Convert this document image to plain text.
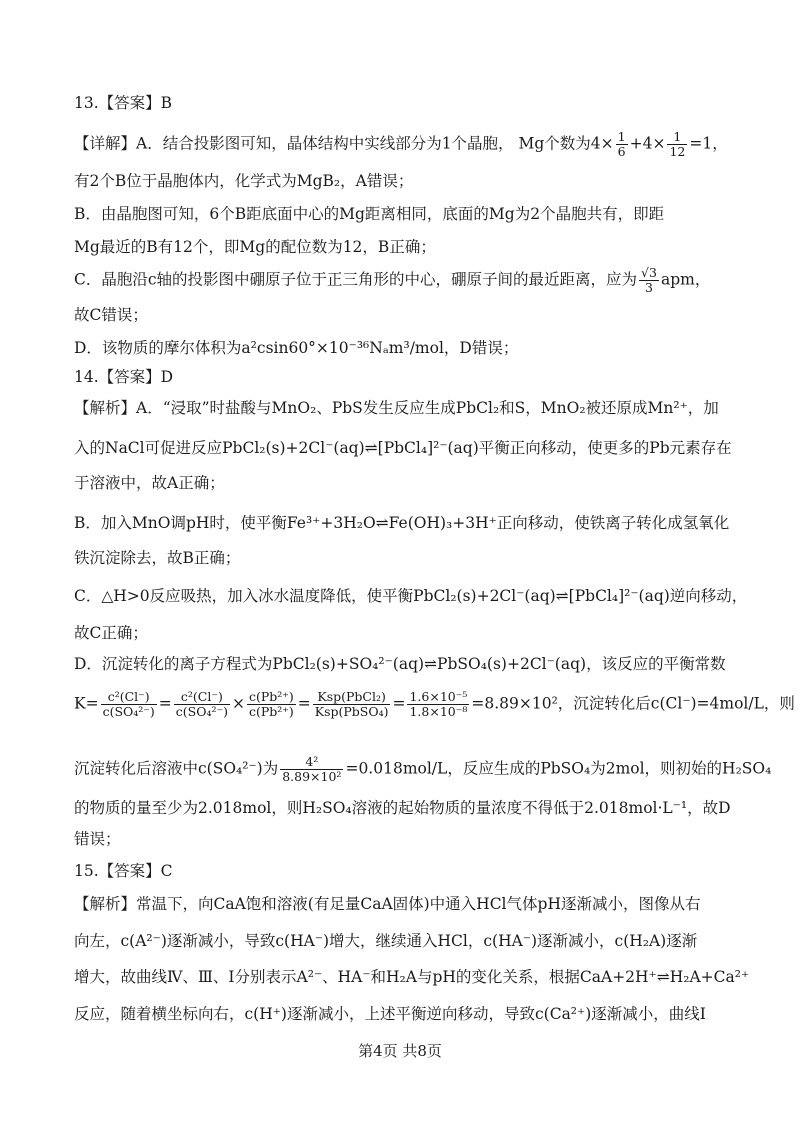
13.【答案】B
【详解】A．结合投影图可知，晶体结构中实线部分为1个晶胞， Mg个数为$4\times \frac{1}{6} +4\times \frac{1}{12} =1$，
有2个B位于晶胞体内，化学式为MgB₂，A错误；
B．由晶胞图可知，6个B距底面中心的Mg距离相同，底面的Mg为2个晶胞共有，即距
Mg最近的B有12个，即Mg的配位数为12，B正确；
C．晶胞沿c轴的投影图中硼原子位于正三角形的中心，硼原子间的最近距离，应为 $\frac{√3}{3}$ apm，
故C错误；
D．该物质的摩尔体积为a²csin60°×10⁻³⁶Nₐm³/mol，D错误；
14.【答案】D
【解析】A．“浸取”时盐酸与MnO₂、PbS发生反应生成PbCl₂和S，MnO₂被还原成Mn²⁺，加
入的NaCl可促进反应PbCl₂(s)+2Cl⁻(aq)⇌[PbCl₄]²⁻(aq)平衡正向移动，使更多的Pb元素存在
于溶液中，故A正确；
B．加入MnO调pH时，使平衡Fe³⁺+3H₂O⇌Fe(OH)₃+3H⁺正向移动，使铁离子转化成氢氧化
铁沉淀除去，故B正确；
C．△H>0反应吸热，加入冰水温度降低，使平衡PbCl₂(s)+2Cl⁻(aq)⇌[PbCl₄]²⁻(aq)逆向移动，
故C正确；
D．沉淀转化的离子方程式为PbCl₂(s)+SO₄²⁻(aq)⇌PbSO₄(s)+2Cl⁻(aq)，该反应的平衡常数
$K= \frac{\text{c²(Cl⁻)}}{\text{c(SO₄²⁻)}} = \frac{\text{c²(Cl⁻)}}{\text{c(SO₄²⁻)}} \times \frac{\text{c(Pb²⁺)}}{\text{c(Pb²⁺)}} = \frac{\text{Ksp(PbCl₂)}}{\text{Ksp(PbSO₄)}} = \frac{\text{1.6×10⁻⁵}}{\text{1.8×10⁻⁸}} =8.89\times 10^2$，沉淀转化后c(Cl⁻)=4mol/L，则
沉淀转化后溶液中c(SO₄²⁻)为 $\frac{\text{4²}}{\text{8.89×10²}} =0.018mol/L$，反应生成的PbSO₄为2mol，则初始的H₂SO₄
的物质的量至少为2.018mol，则H₂SO₄溶液的起始物质的量浓度不得低于2.018mol·L⁻¹，故D
错误；
15.【答案】C
【解析】常温下，向CaA饱和溶液(有足量CaA固体)中通入HCl气体pH逐渐减小，图像从右
向左，c(A²⁻)逐渐减小，导致c(HA⁻)增大，继续通入HCl，c(HA⁻)逐渐减小，c(H₂A)逐渐
增大，故曲线Ⅳ、Ⅲ、Ⅰ分别表示A²⁻、HA⁻和H₂A与pH的变化关系，根据CaA+2H⁺⇌H₂A+Ca²⁺
反应，随着横坐标向右，c(H⁺)逐渐减小，上述平衡逆向移动，导致c(Ca²⁺)逐渐减小，曲线I
第4页 共8页
